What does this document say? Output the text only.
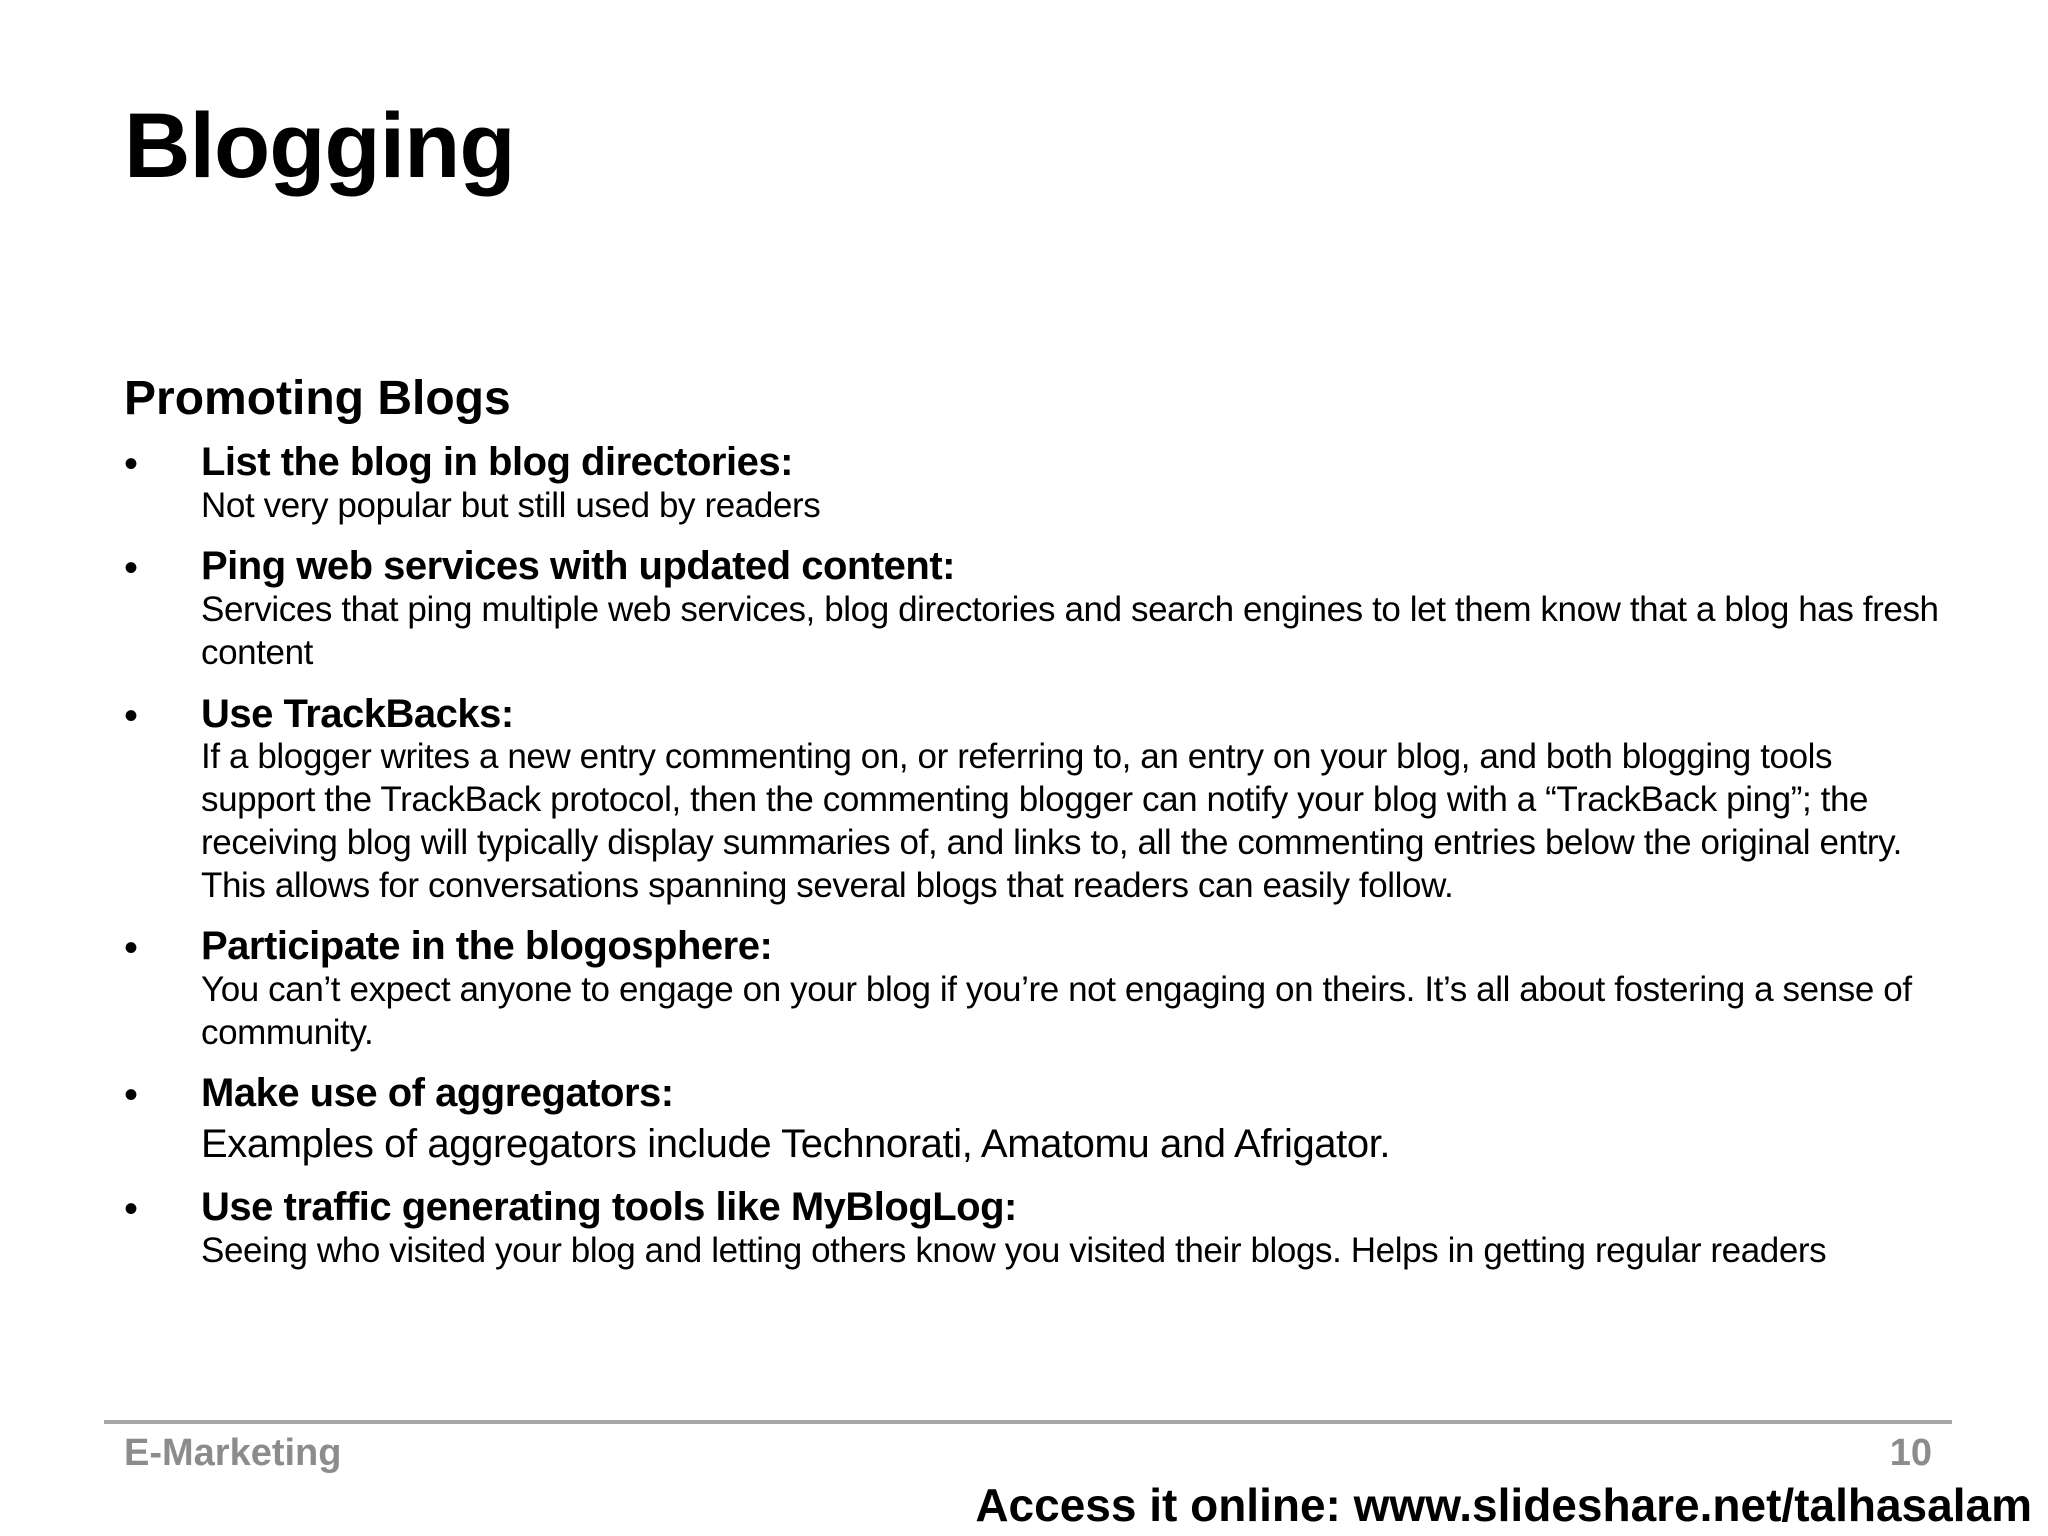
Blogging
Promoting Blogs
• List the blog in blog directories:
Not very popular but still used by readers
• Ping web services with updated content:
Services that ping multiple web services, blog directories and search engines to let them know that a blog has fresh content
• Use TrackBacks:
If a blogger writes a new entry commenting on, or referring to, an entry on your blog, and both blogging tools support the TrackBack protocol, then the commenting blogger can notify your blog with a “TrackBack ping”; the receiving blog will typically display summaries of, and links to, all the commenting entries below the original entry. This allows for conversations spanning several blogs that readers can easily follow.
• Participate in the blogosphere:
You can’t expect anyone to engage on your blog if you’re not engaging on theirs. It’s all about fostering a sense of community.
• Make use of aggregators:
Examples of aggregators include Technorati, Amatomu and Afrigator.
• Use traffic generating tools like MyBlogLog:
Seeing who visited your blog and letting others know you visited their blogs. Helps in getting regular readers
E-Marketing	10
Access it online: www.slideshare.net/talhasalam
